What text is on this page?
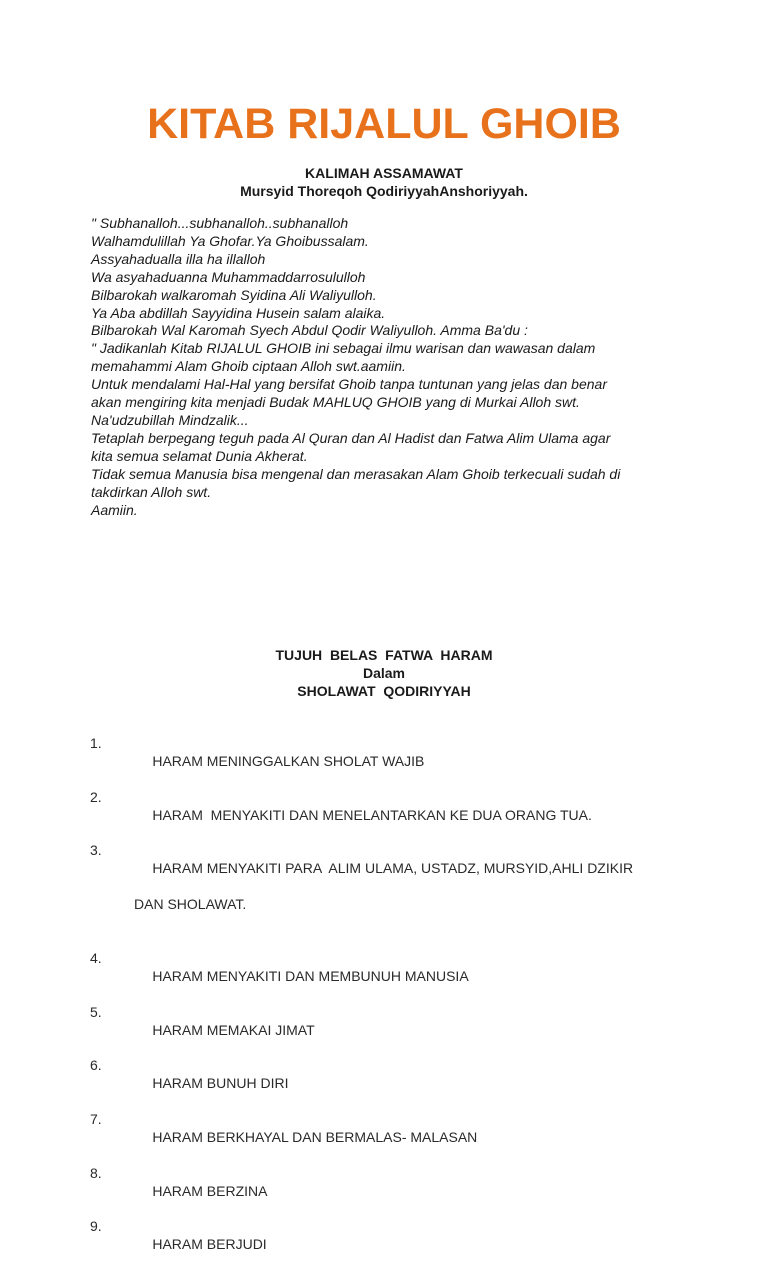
KITAB RIJALUL GHOIB

KALIMAH ASSAMAWAT

Mursyid Thoreqoh QodiriyyahAnshoriyyah.

" Subhanalloh...subhanalloh..subhanalloh

Walhamdulillah Ya Ghofar.Ya Ghoibussalam.

Assyahadualla illa ha illalloh

Wa asyahaduanna Muhammaddarrosululloh

Bilbarokah walkaromah Syidina Ali Waliyulloh.

Ya Aba abdillah Sayyidina Husein salam alaika.

Bilbarokah Wal Karomah Syech Abdul Qodir Waliyulloh. Amma Ba'du :

" Jadikanlah Kitab RIJALUL GHOIB ini sebagai ilmu warisan dan wawasan dalam

memahammi Alam Ghoib ciptaan Alloh swt.aamiin.

Untuk mendalami Hal-Hal yang bersifat Ghoib tanpa tuntunan yang jelas dan benar

akan mengiring kita menjadi Budak MAHLUQ GHOIB yang di Murkai Alloh swt.

Na'udzubillah Mindzalik...

Tetaplah berpegang teguh pada Al Quran dan Al Hadist dan Fatwa Alim Ulama agar

kita semua selamat Dunia Akherat.

Tidak semua Manusia bisa mengenal dan merasakan Alam Ghoib terkecuali sudah di

takdirkan Alloh swt.

Aamiin.

TUJUH  BELAS  FATWA  HARAM

Dalam

SHOLAWAT  QODIRIYYAH

1.
HARAM MENINGGALKAN SHOLAT WAJIB

2.
HARAM  MENYAKITI DAN MENELANTARKAN KE DUA ORANG TUA.

3.
HARAM MENYAKITI PARA  ALIM ULAMA, USTADZ, MURSYID,AHLI DZIKIR

DAN SHOLAWAT.

4.
HARAM MENYAKITI DAN MEMBUNUH MANUSIA

5.
HARAM MEMAKAI JIMAT

6.
HARAM BUNUH DIRI

7.
HARAM BERKHAYAL DAN BERMALAS- MALASAN

8.
HARAM BERZINA

9.
HARAM BERJUDI
